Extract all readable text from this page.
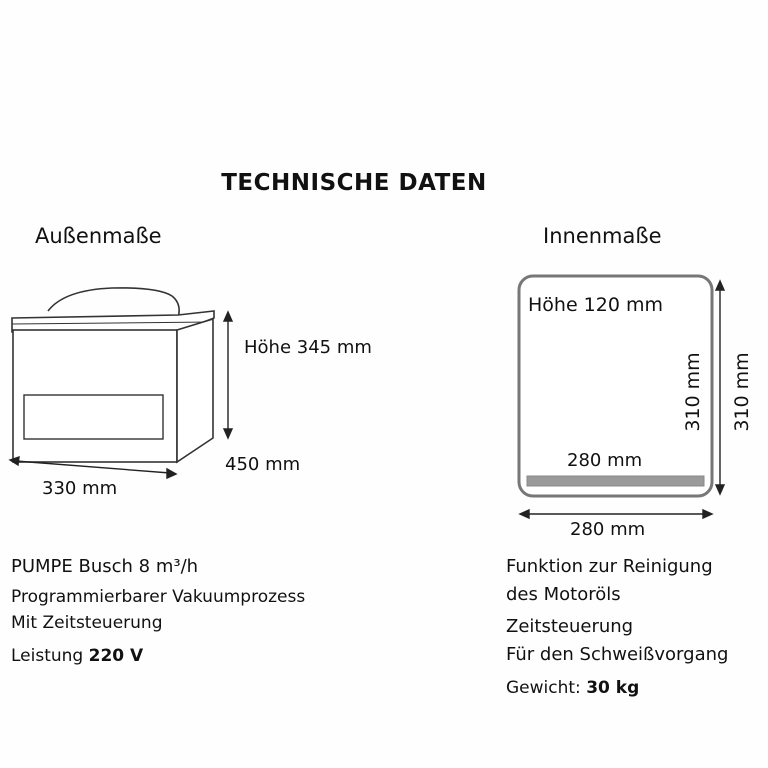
TECHNISCHE DATEN
Außenmaße
Höhe 345 mm
450 mm
330 mm
Innenmaße
Höhe 120 mm
310 mm 310 mm
280 mm
280 mm
PUMPE Busch 8 m³/h
Programmierbarer Vakuumprozess
Mit Zeitsteuerung
Leistung 220 V
Funktion zur Reinigung
des Motoröls
Zeitsteuerung
Für den Schweißvorgang
Gewicht: 30 kg
